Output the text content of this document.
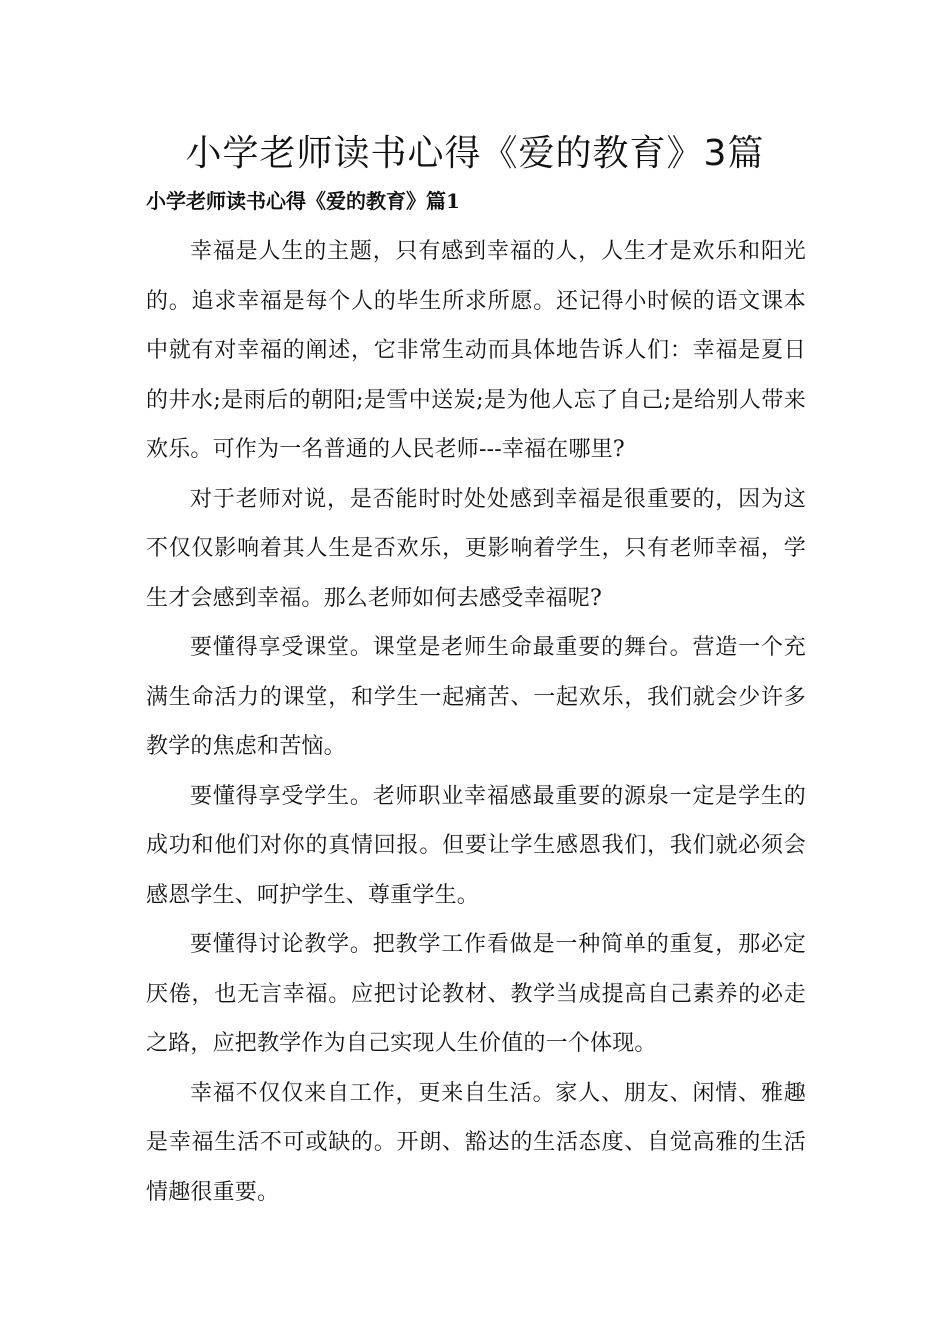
小学老师读书心得《爱的教育》3篇
小学老师读书心得《爱的教育》篇1

幸福是人生的主题，只有感到幸福的人，人生才是欢乐和阳光的。追求幸福是每个人的毕生所求所愿。还记得小时候的语文课本中就有对幸福的阐述，它非常生动而具体地告诉人们：幸福是夏日的井水;是雨后的朝阳;是雪中送炭;是为他人忘了自己;是给别人带来欢乐。可作为一名普通的人民老师---幸福在哪里?

对于老师对说，是否能时时处处感到幸福是很重要的，因为这不仅仅影响着其人生是否欢乐，更影响着学生，只有老师幸福，学生才会感到幸福。那么老师如何去感受幸福呢?

要懂得享受课堂。课堂是老师生命最重要的舞台。营造一个充满生命活力的课堂，和学生一起痛苦、一起欢乐，我们就会少许多教学的焦虑和苦恼。

要懂得享受学生。老师职业幸福感最重要的源泉一定是学生的成功和他们对你的真情回报。但要让学生感恩我们，我们就必须会感恩学生、呵护学生、尊重学生。

要懂得讨论教学。把教学工作看做是一种简单的重复，那必定厌倦，也无言幸福。应把讨论教材、教学当成提高自己素养的必走之路，应把教学作为自己实现人生价值的一个体现。

幸福不仅仅来自工作，更来自生活。家人、朋友、闲情、雅趣是幸福生活不可或缺的。开朗、豁达的生活态度、自觉高雅的生活情趣很重要。
